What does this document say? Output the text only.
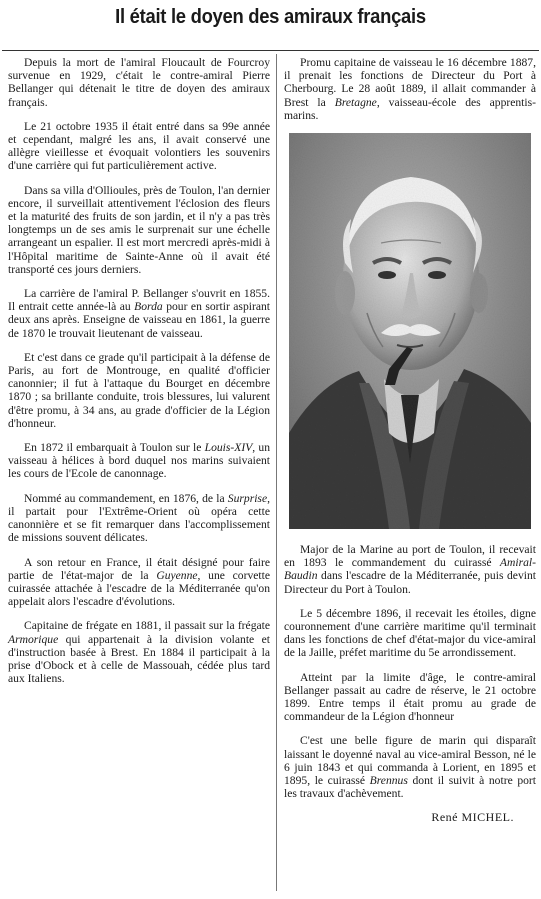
Il était le doyen des amiraux français

Depuis la mort de l'amiral Floucault de Fourcroy survenue en 1929, c'était le contre-amiral Pierre Bellanger qui détenait le titre de doyen des amiraux français.

Le 21 octobre 1935 il était entré dans sa 99e année et cependant, malgré les ans, il avait conservé une allègre vieillesse et évoquait volontiers les souvenirs d'une carrière qui fut particulièrement active.

Dans sa villa d'Ollioules, près de Toulon, l'an dernier encore, il surveillait attentivement l'éclosion des fleurs et la maturité des fruits de son jardin, et il n'y a pas très longtemps un de ses amis le surprenait sur une échelle arrangeant un espalier. Il est mort mercredi après-midi à l'Hôpital maritime de Sainte-Anne où il avait été transporté ces jours derniers.

La carrière de l'amiral P. Bellanger s'ouvrit en 1855. Il entrait cette année-là au Borda pour en sortir aspirant deux ans après. Enseigne de vaisseau en 1861, la guerre de 1870 le trouvait lieutenant de vaisseau.

Et c'est dans ce grade qu'il participait à la défense de Paris, au fort de Montrouge, en qualité d'officier canonnier; il fut à l'attaque du Bourget en décembre 1870 ; sa brillante conduite, trois blessures, lui valurent d'être promu, à 34 ans, au grade d'officier de la Légion d'honneur.

En 1872 il embarquait à Toulon sur le Louis-XIV, un vaisseau à hélices à bord duquel nos marins suivaient les cours de l'Ecole de canonnage.

Nommé au commandement, en 1876, de la Surprise, il partait pour l'Extrême-Orient où opéra cette canonnière et se fit remarquer dans l'accomplissement de missions souvent délicates.

A son retour en France, il était désigné pour faire partie de l'état-major de la Guyenne, une corvette cuirassée attachée à l'escadre de la Méditerranée qu'on appelait alors l'escadre d'évolutions.

Capitaine de frégate en 1881, il passait sur la frégate Armorique qui appartenait à la division volante et d'instruction basée à Brest. En 1884 il participait à la prise d'Obock et à celle de Massouah, cédée plus tard aux Italiens.

Promu capitaine de vaisseau le 16 décembre 1887, il prenait les fonctions de Directeur du Port à Cherbourg. Le 28 août 1889, il allait commander à Brest la Bretagne, vaisseau-école des apprentis-marins.

Major de la Marine au port de Toulon, il recevait en 1893 le commandement du cuirassé Amiral-Baudin dans l'escadre de la Méditerranée, puis devint Directeur du Port à Toulon.

Le 5 décembre 1896, il recevait les étoiles, digne couronnement d'une carrière maritime qu'il terminait dans les fonctions de chef d'état-major du vice-amiral de la Jaille, préfet maritime du 5e arrondissement.

Atteint par la limite d'âge, le contre-amiral Bellanger passait au cadre de réserve, le 21 octobre 1899. Entre temps il était promu au grade de commandeur de la Légion d'honneur

C'est une belle figure de marin qui disparaît laissant le doyenné naval au vice-amiral Besson, né le 6 juin 1843 et qui commanda à Lorient, en 1895 et 1895, le cuirassé Brennus dont il suivit à notre port les travaux d'achèvement.

René MICHEL.
